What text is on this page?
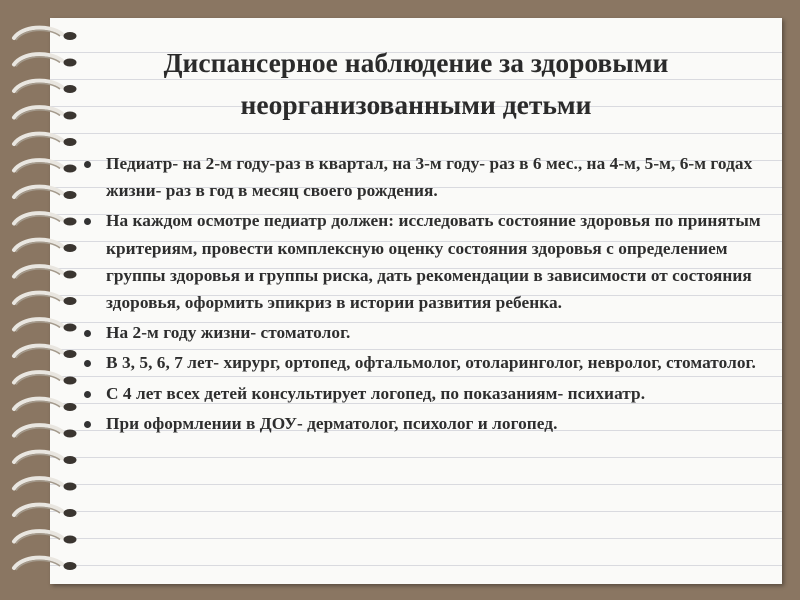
Диспансерное наблюдение за здоровыми
неорганизованными детьми
Педиатр- на 2-м году-раз в квартал, на 3-м году- раз в 6 мес., на 4-м, 5-м, 6-м годах жизни- раз в год в месяц своего рождения.
На каждом осмотре педиатр должен: исследовать состояние здоровья по принятым критериям, провести комплексную оценку состояния здоровья с определением группы здоровья и группы риска, дать рекомендации в зависимости от состояния здоровья, оформить эпикриз в истории развития ребенка.
На 2-м году жизни- стоматолог.
В 3, 5, 6, 7 лет- хирург, ортопед, офтальмолог, отоларинголог, невролог, стоматолог.
С 4 лет всех детей консультирует логопед, по показаниям- психиатр.
При оформлении в ДОУ- дерматолог, психолог и логопед.
